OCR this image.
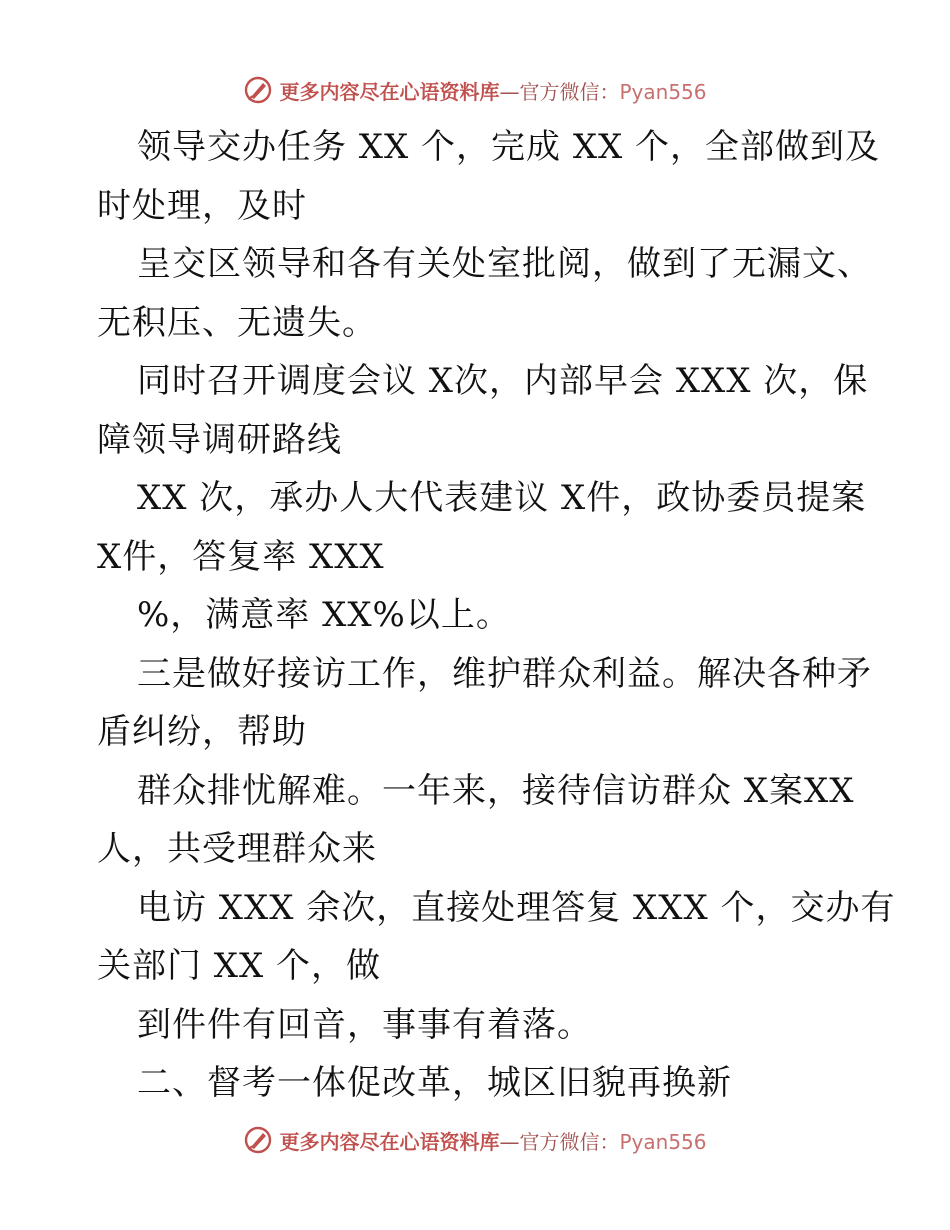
更多内容尽在心语资料库—官方微信：Pyan556
领导交办任务 XX 个，完成 XX 个，全部做到及
时处理，及时
呈交区领导和各有关处室批阅，做到了无漏文、
无积压、无遗失。
同时召开调度会议 X次，内部早会 XXX 次，保
障领导调研路线
XX 次，承办人大代表建议 X件，政协委员提案
X件，答复率 XXX
%，满意率 XX%以上。
三是做好接访工作，维护群众利益。解决各种矛
盾纠纷，帮助
群众排忧解难。一年来，接待信访群众 X案XX
人，共受理群众来
电访 XXX 余次，直接处理答复 XXX 个，交办有
关部门 XX 个，做
到件件有回音，事事有着落。
二、督考一体促改革，城区旧貌再换新
更多内容尽在心语资料库—官方微信：Pyan556
